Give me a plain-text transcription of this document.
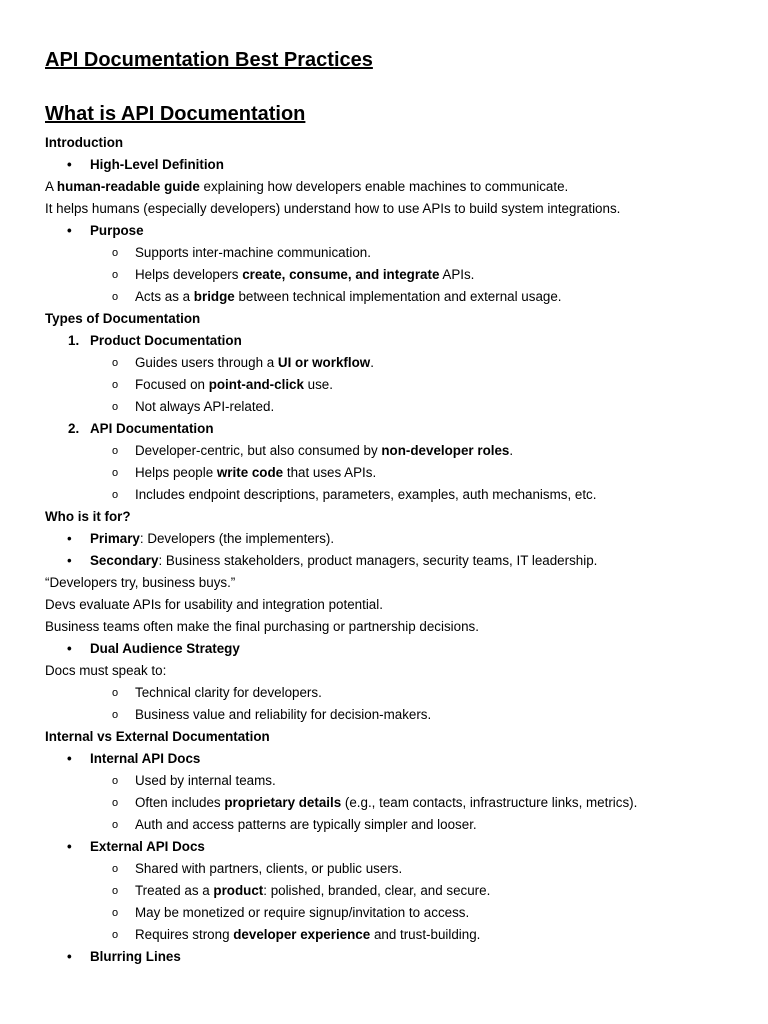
API Documentation Best Practices
What is API Documentation
Introduction
• High-Level Definition
A human-readable guide explaining how developers enable machines to communicate.
It helps humans (especially developers) understand how to use APIs to build system integrations.
• Purpose
o Supports inter-machine communication.
o Helps developers create, consume, and integrate APIs.
o Acts as a bridge between technical implementation and external usage.
Types of Documentation
1. Product Documentation
o Guides users through a UI or workflow.
o Focused on point-and-click use.
o Not always API-related.
2. API Documentation
o Developer-centric, but also consumed by non-developer roles.
o Helps people write code that uses APIs.
o Includes endpoint descriptions, parameters, examples, auth mechanisms, etc.
Who is it for?
• Primary: Developers (the implementers).
• Secondary: Business stakeholders, product managers, security teams, IT leadership.
“Developers try, business buys.”
Devs evaluate APIs for usability and integration potential.
Business teams often make the final purchasing or partnership decisions.
• Dual Audience Strategy
Docs must speak to:
o Technical clarity for developers.
o Business value and reliability for decision-makers.
Internal vs External Documentation
• Internal API Docs
o Used by internal teams.
o Often includes proprietary details (e.g., team contacts, infrastructure links, metrics).
o Auth and access patterns are typically simpler and looser.
• External API Docs
o Shared with partners, clients, or public users.
o Treated as a product: polished, branded, clear, and secure.
o May be monetized or require signup/invitation to access.
o Requires strong developer experience and trust-building.
• Blurring Lines
